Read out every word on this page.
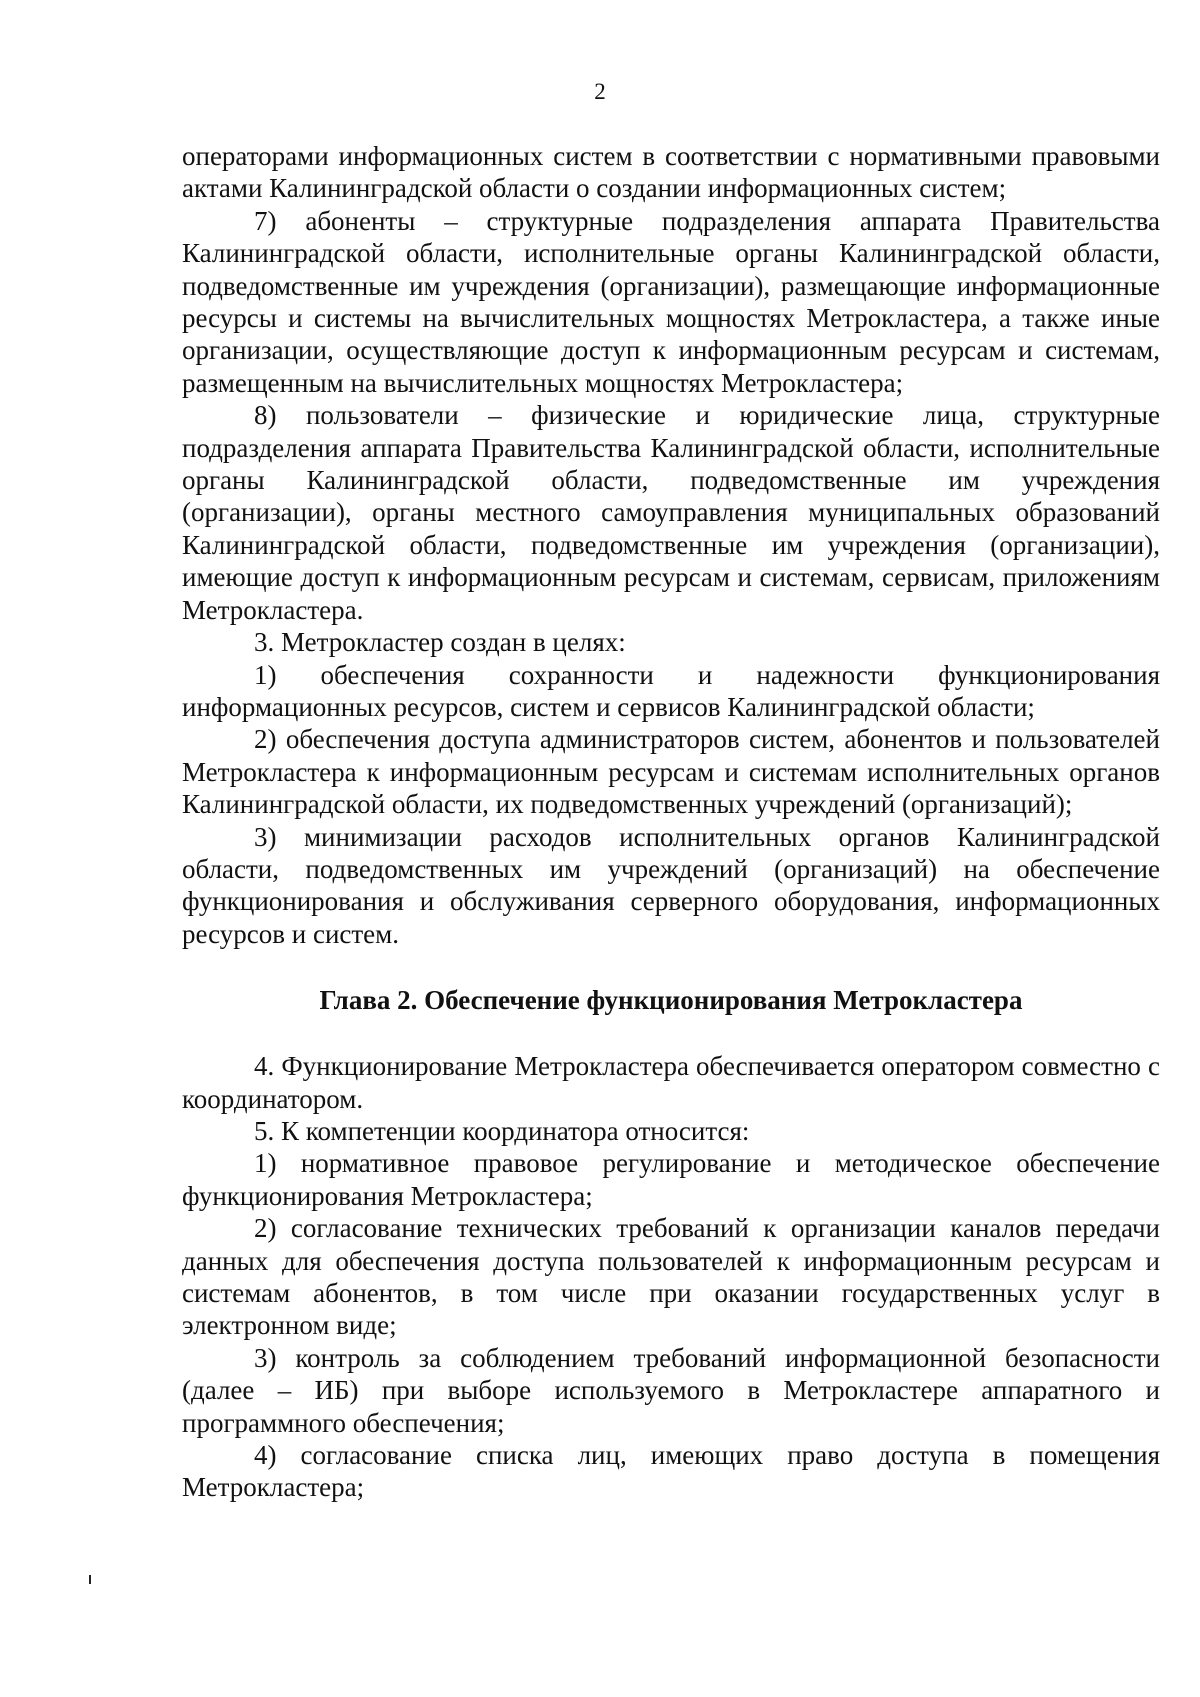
2

операторами информационных систем в соответствии с нормативными правовыми актами Калининградской области о создании информационных систем;

7) абоненты – структурные подразделения аппарата Правительства Калининградской области, исполнительные органы Калининградской области, подведомственные им учреждения (организации), размещающие информационные ресурсы и системы на вычислительных мощностях Метрокластера, а также иные организации, осуществляющие доступ к информационным ресурсам и системам, размещенным на вычислительных мощностях Метрокластера;

8) пользователи – физические и юридические лица, структурные подразделения аппарата Правительства Калининградской области, исполнительные органы Калининградской области, подведомственные им учреждения (организации), органы местного самоуправления муниципальных образований Калининградской области, подведомственные им учреждения (организации), имеющие доступ к информационным ресурсам и системам, сервисам, приложениям Метрокластера.

3. Метрокластер создан в целях:

1) обеспечения сохранности и надежности функционирования информационных ресурсов, систем и сервисов Калининградской области;

2) обеспечения доступа администраторов систем, абонентов и пользователей Метрокластера к информационным ресурсам и системам исполнительных органов Калининградской области, их подведомственных учреждений (организаций);

3) минимизации расходов исполнительных органов Калининградской области, подведомственных им учреждений (организаций) на обеспечение функционирования и обслуживания серверного оборудования, информационных ресурсов и систем.

Глава 2. Обеспечение функционирования Метрокластера

4. Функционирование Метрокластера обеспечивается оператором совместно с координатором.

5. К компетенции координатора относится:

1) нормативное правовое регулирование и методическое обеспечение функционирования Метрокластера;

2) согласование технических требований к организации каналов передачи данных для обеспечения доступа пользователей к информационным ресурсам и системам абонентов, в том числе при оказании государственных услуг в электронном виде;

3) контроль за соблюдением требований информационной безопасности (далее – ИБ) при выборе используемого в Метрокластере аппаратного и программного обеспечения;

4) согласование списка лиц, имеющих право доступа в помещения Метрокластера;
